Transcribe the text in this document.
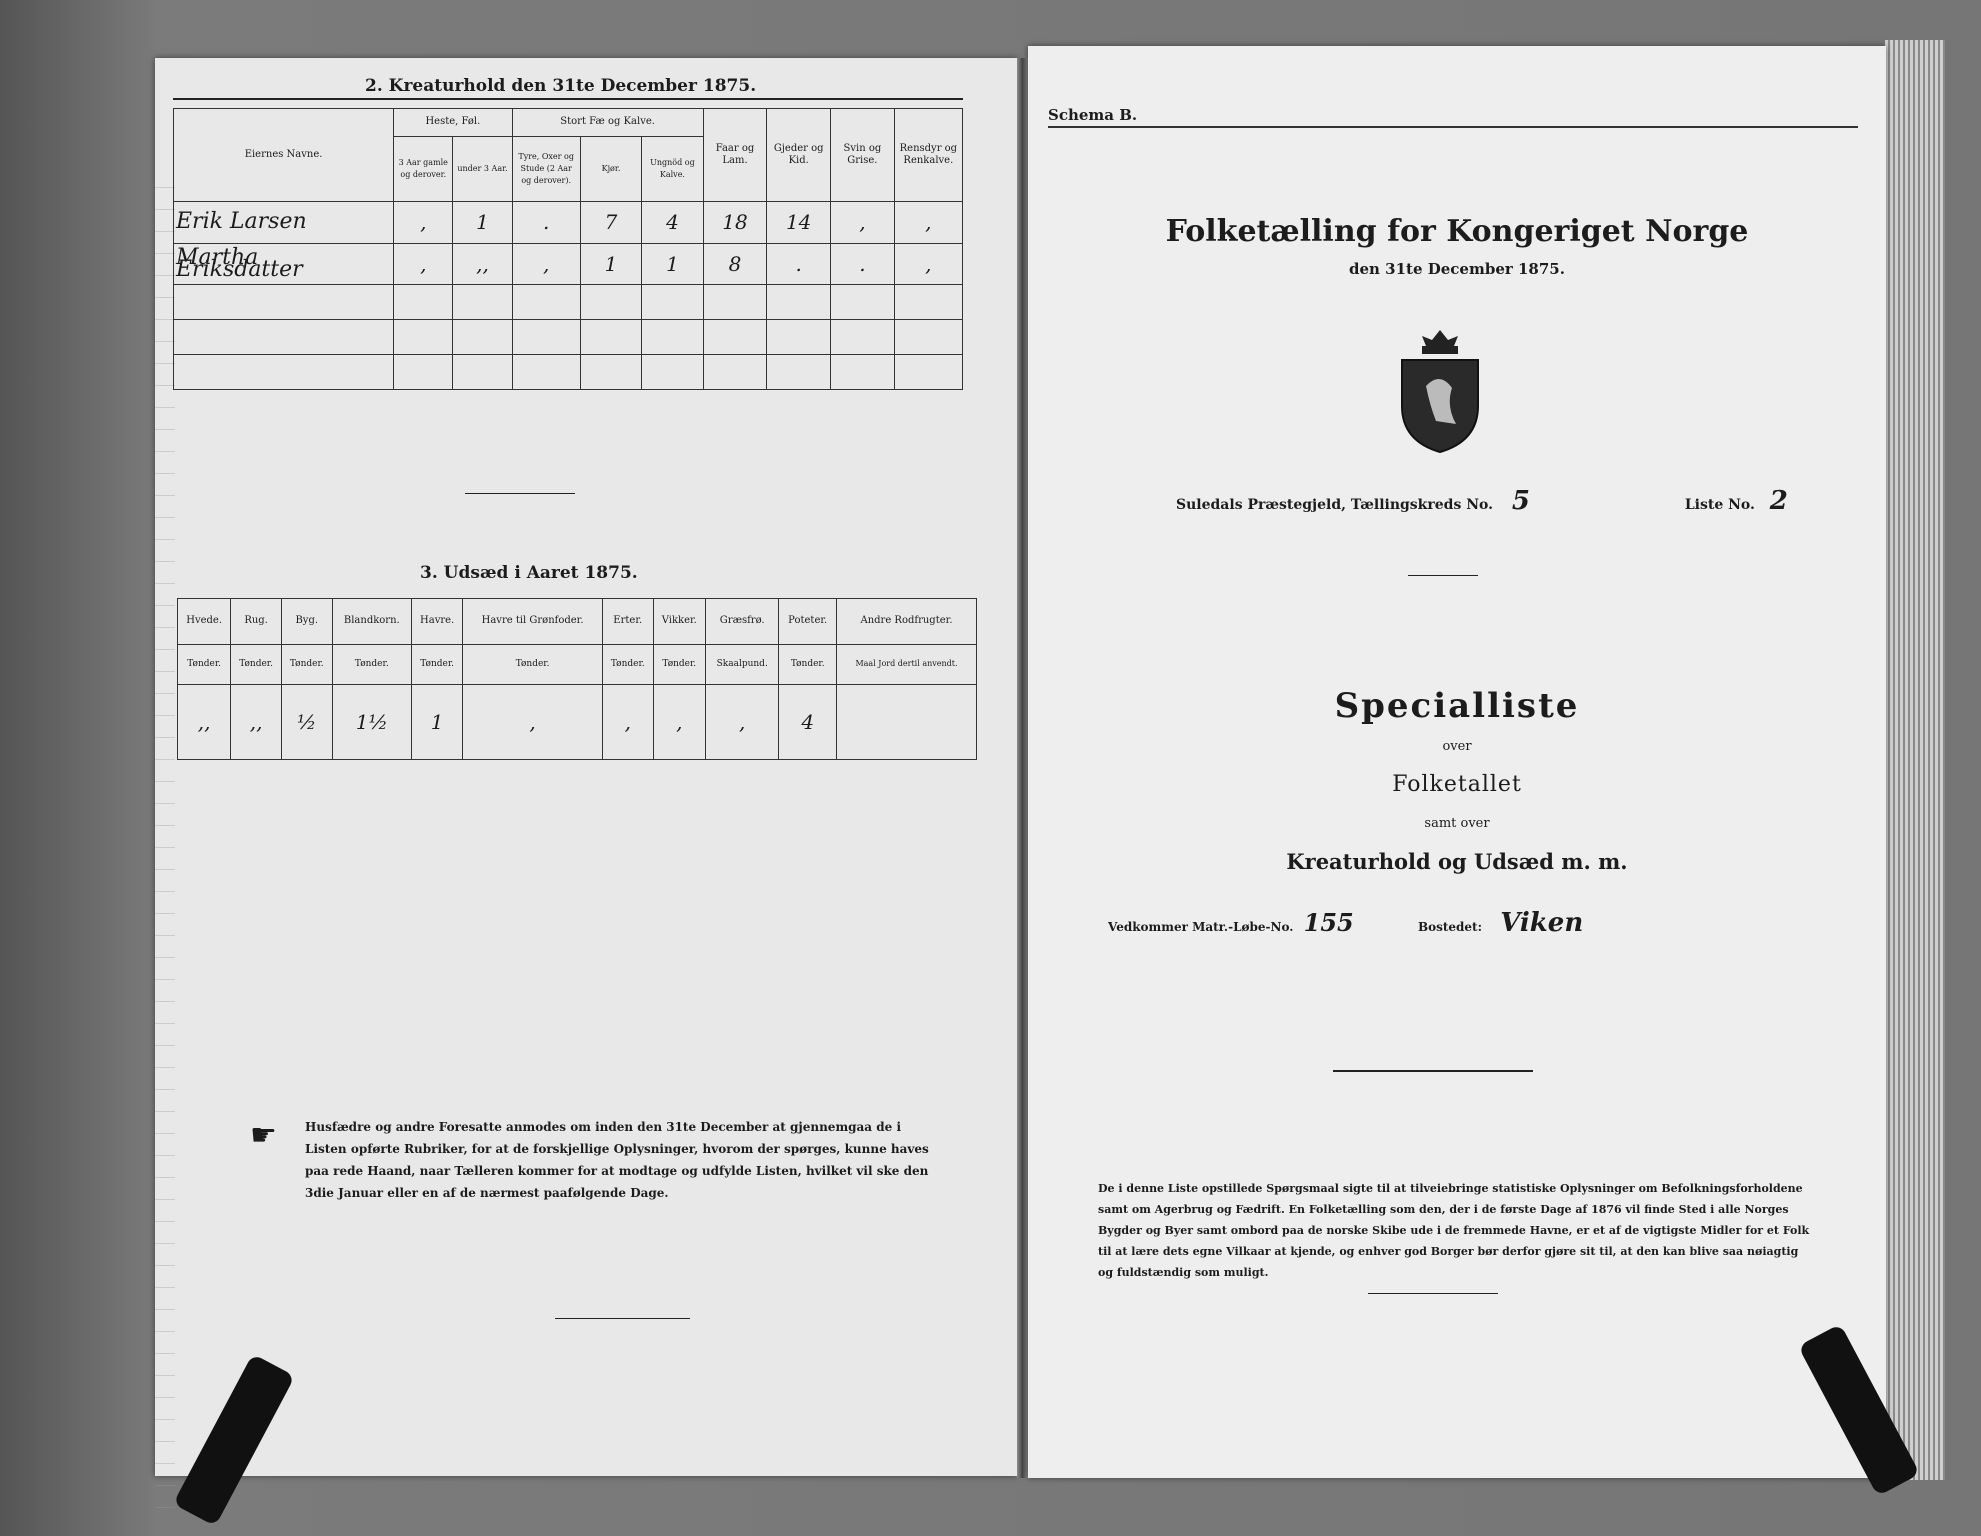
2. Kreaturhold den 31te December 1875.
Eiernes Navne.	Heste, Føl.		Stort Fæ og Kalve.			Faar og Lam.	Gjeder og Kid.	Svin og Grise.	Rensdyr og Renkalve.
	3 Aar gamle og derover.	under 3 Aar.	Tyre, Oxer og Stude (2 Aar og derover).	Kjør.	Ungnöd og Kalve.				
Erik Larsen	,	1	.	7	4	18	14	,	,
Martha Eriksdatter	,	,,	,	1	1	8	.	.	,

3. Udsæd i Aaret 1875.
Hvede.	Rug.	Byg.	Blandkorn.	Havre.	Havre til Grønfoder.	Erter.	Vikker.	Græsfrø.	Poteter.	Andre Rodfrugter.
Tønder.	Tønder.	Tønder.	Tønder.	Tønder.	Tønder.	Tønder.	Tønder.	Skaalpund.	Tønder.	Maal Jord dertil anvendt.
,,	,,	½	1½	1	,	,	,	,	4	
☛ Husfædre og andre Foresatte anmodes om inden den 31te December at gjennemgaa de i Listen opførte Rubriker, for at de forskjellige Oplysninger, hvorom der spørges, kunne haves paa rede Haand, naar Tælleren kommer for at modtage og udfylde Listen, hvilket vil ske den 3die Januar eller en af de nærmest paafølgende Dage.
Schema B.
Folketælling for Kongeriget Norge
den 31te December 1875.
Suledals Præstegjeld, Tællingskreds No. 5	Liste No. 2
Specialliste
over
Folketallet
samt over
Kreaturhold og Udsæd m. m.
Vedkommer Matr.-Løbe-No. 155	Bostedet: Viken
De i denne Liste opstillede Spørgsmaal sigte til at tilveiebringe statistiske Oplysninger om Befolkningsforholdene samt om Agerbrug og Fædrift. En Folketælling som den, der i de første Dage af 1876 vil finde Sted i alle Norges Bygder og Byer samt ombord paa de norske Skibe ude i de fremmede Havne, er et af de vigtigste Midler for et Folk til at lære dets egne Vilkaar at kjende, og enhver god Borger bør derfor gjøre sit til, at den kan blive saa nøiagtig og fuldstændig som muligt.
